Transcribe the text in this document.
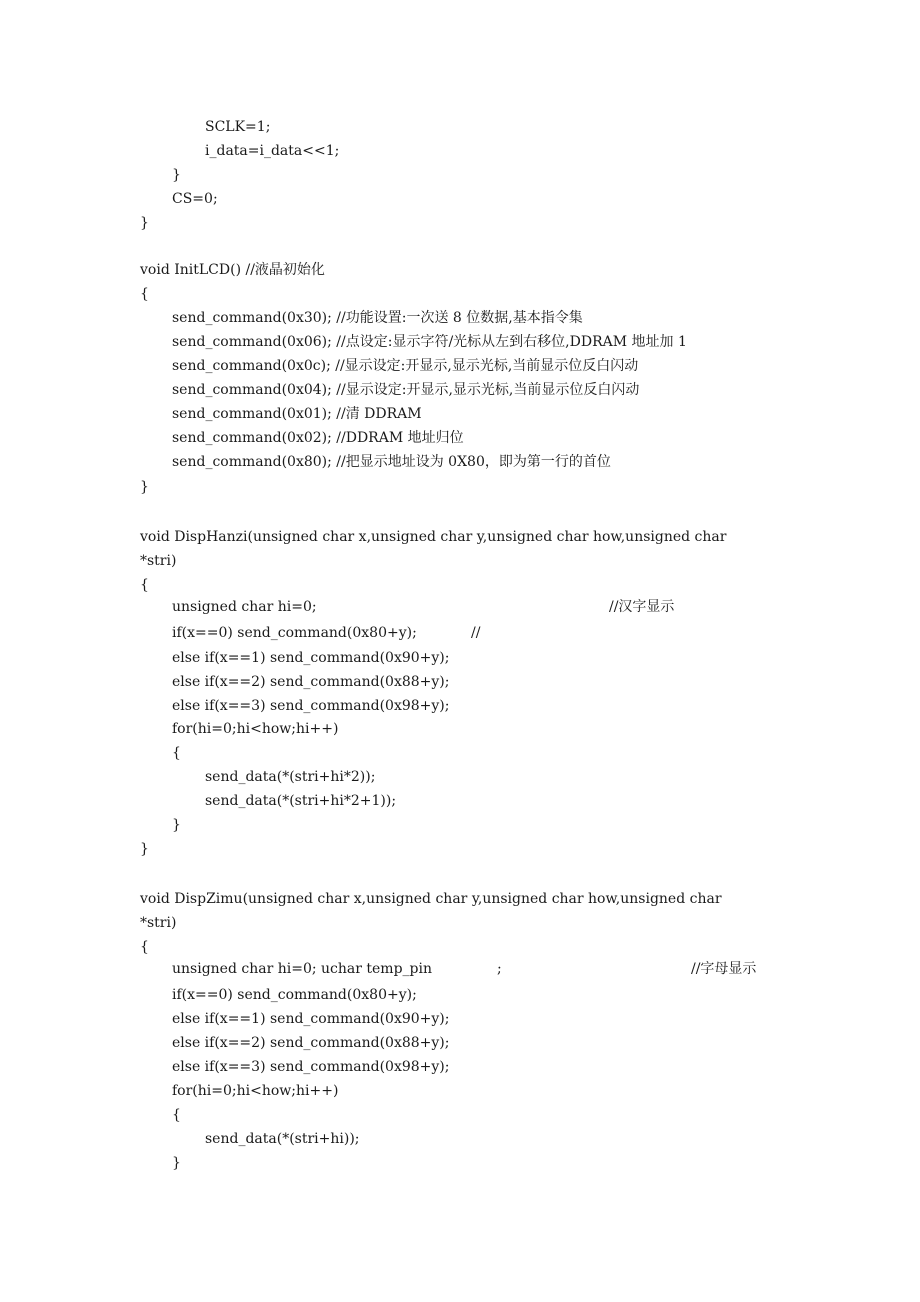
SCLK=1;
i_data=i_data<<1;
}
CS=0;
}
void InitLCD() //液晶初始化
{
send_command(0x30); //功能设置:一次送 8 位数据,基本指令集
send_command(0x06); //点设定:显示字符/光标从左到右移位,DDRAM 地址加 1
send_command(0x0c); //显示设定:开显示,显示光标,当前显示位反白闪动
send_command(0x04); //显示设定:开显示,显示光标,当前显示位反白闪动
send_command(0x01); //清 DDRAM
send_command(0x02); //DDRAM 地址归位
send_command(0x80); //把显示地址设为 0X80，即为第一行的首位
}
void DispHanzi(unsigned char x,unsigned char y,unsigned char how,unsigned char
*stri)
{
unsigned char hi=0;	//汉字显示
if(x==0) send_command(0x80+y);	//
else if(x==1) send_command(0x90+y);
else if(x==2) send_command(0x88+y);
else if(x==3) send_command(0x98+y);
for(hi=0;hi<how;hi++)
{
send_data(*(stri+hi*2));
send_data(*(stri+hi*2+1));
}
}
void DispZimu(unsigned char x,unsigned char y,unsigned char how,unsigned char
*stri)
{
unsigned char hi=0; uchar temp_pin	;	//字母显示
if(x==0) send_command(0x80+y);
else if(x==1) send_command(0x90+y);
else if(x==2) send_command(0x88+y);
else if(x==3) send_command(0x98+y);
for(hi=0;hi<how;hi++)
{
send_data(*(stri+hi));
}
